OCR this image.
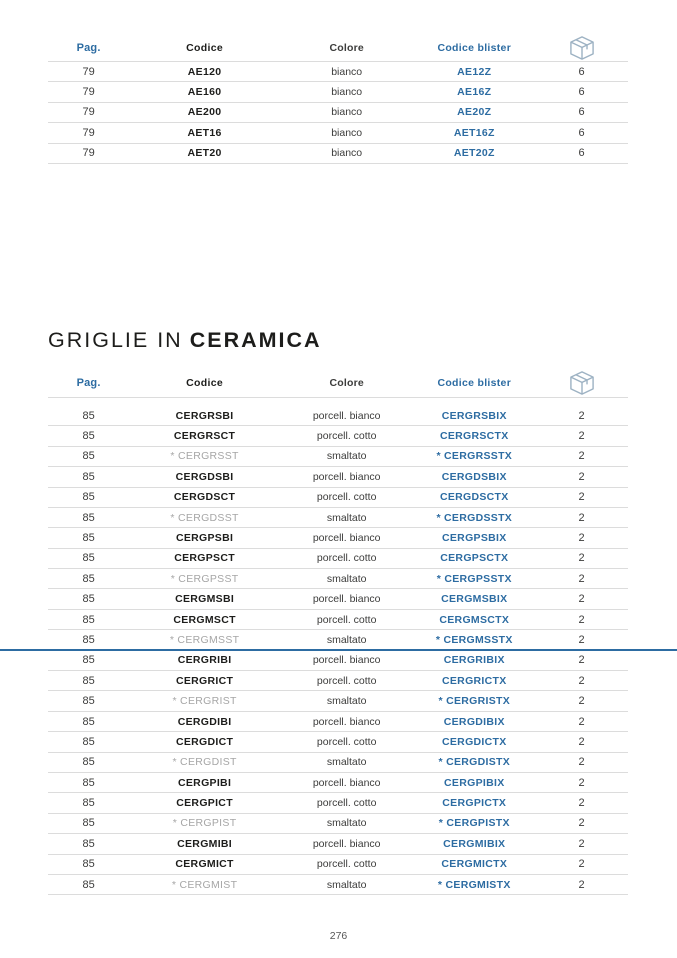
Pag.	Codice	Colore	Codice blister
79	AE120	bianco	AE12Z	6
79	AE160	bianco	AE16Z	6
79	AE200	bianco	AE20Z	6
79	AET16	bianco	AET16Z	6
79	AET20	bianco	AET20Z	6
GRIGLIE IN CERAMICA
Pag.	Codice	Colore	Codice blister
85	CERGRSBI	porcell. bianco	CERGRSBIX	2
85	CERGRSCT	porcell. cotto	CERGRSCTX	2
85	* CERGRSST	smaltato	* CERGRSSTX	2
85	CERGDSBI	porcell. bianco	CERGDSBIX	2
85	CERGDSCT	porcell. cotto	CERGDSCTX	2
85	* CERGDSST	smaltato	* CERGDSSTX	2
85	CERGPSBI	porcell. bianco	CERGPSBIX	2
85	CERGPSCT	porcell. cotto	CERGPSCTX	2
85	* CERGPSST	smaltato	* CERGPSSTX	2
85	CERGMSBI	porcell. bianco	CERGMSBIX	2
85	CERGMSCT	porcell. cotto	CERGMSCTX	2
85	* CERGMSST	smaltato	* CERGMSSTX	2
85	CERGRIBI	porcell. bianco	CERGRIBIX	2
85	CERGRICT	porcell. cotto	CERGRICTX	2
85	* CERGRIST	smaltato	* CERGRISTX	2
85	CERGDIBI	porcell. bianco	CERGDIBIX	2
85	CERGDICT	porcell. cotto	CERGDICTX	2
85	* CERGDIST	smaltato	* CERGDISTX	2
85	CERGPIBI	porcell. bianco	CERGPIBIX	2
85	CERGPICT	porcell. cotto	CERGPICTX	2
85	* CERGPIST	smaltato	* CERGPISTX	2
85	CERGMIBI	porcell. bianco	CERGMIBIX	2
85	CERGMICT	porcell. cotto	CERGMICTX	2
85	* CERGMIST	smaltato	* CERGMISTX	2
276
